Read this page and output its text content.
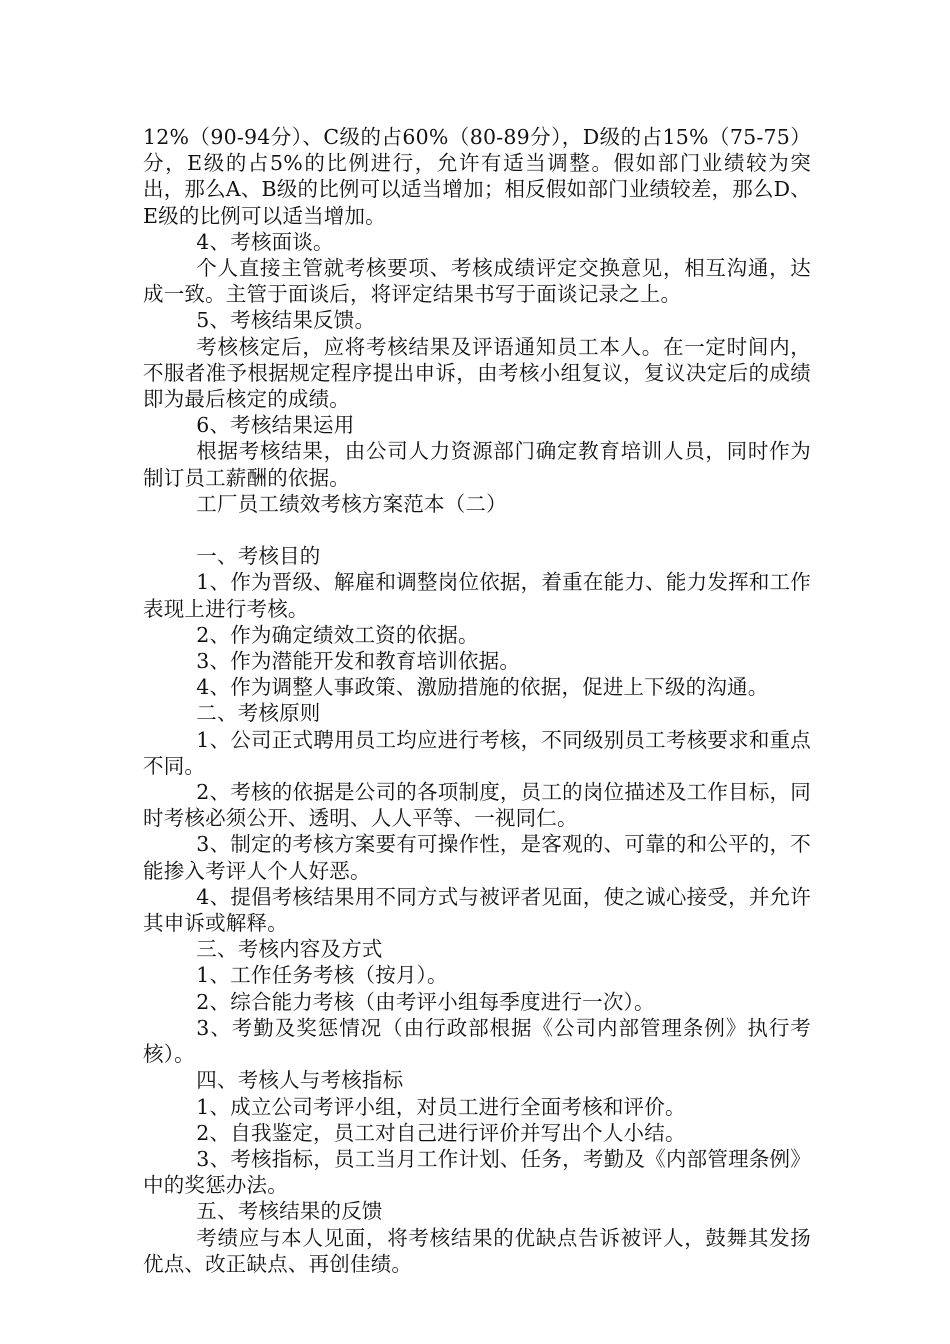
12%（90-94分）、C级的占60%（80-89分），D级的占15%（75-75）分，E级的占5%的比例进行，允许有适当调整。假如部门业绩较为突出，那么A、B级的比例可以适当增加；相反假如部门业绩较差，那么D、E级的比例可以适当增加。

4、考核面谈。

个人直接主管就考核要项、考核成绩评定交换意见，相互沟通，达成一致。主管于面谈后，将评定结果书写于面谈记录之上。

5、考核结果反馈。

考核核定后，应将考核结果及评语通知员工本人。在一定时间内，不服者准予根据规定程序提出申诉，由考核小组复议，复议决定后的成绩即为最后核定的成绩。

6、考核结果运用

根据考核结果，由公司人力资源部门确定教育培训人员，同时作为制订员工薪酬的依据。

工厂员工绩效考核方案范本（二）

一、考核目的

1、作为晋级、解雇和调整岗位依据，着重在能力、能力发挥和工作表现上进行考核。

2、作为确定绩效工资的依据。

3、作为潜能开发和教育培训依据。

4、作为调整人事政策、激励措施的依据，促进上下级的沟通。

二、考核原则

1、公司正式聘用员工均应进行考核，不同级别员工考核要求和重点不同。

2、考核的依据是公司的各项制度，员工的岗位描述及工作目标，同时考核必须公开、透明、人人平等、一视同仁。

3、制定的考核方案要有可操作性，是客观的、可靠的和公平的，不能掺入考评人个人好恶。

4、提倡考核结果用不同方式与被评者见面，使之诚心接受，并允许其申诉或解释。

三、考核内容及方式

1、工作任务考核（按月）。

2、综合能力考核（由考评小组每季度进行一次）。

3、考勤及奖惩情况（由行政部根据《公司内部管理条例》执行考核）。

四、考核人与考核指标

1、成立公司考评小组，对员工进行全面考核和评价。

2、自我鉴定，员工对自己进行评价并写出个人小结。

3、考核指标，员工当月工作计划、任务，考勤及《内部管理条例》中的奖惩办法。

五、考核结果的反馈

考绩应与本人见面，将考核结果的优缺点告诉被评人，鼓舞其发扬优点、改正缺点、再创佳绩。
